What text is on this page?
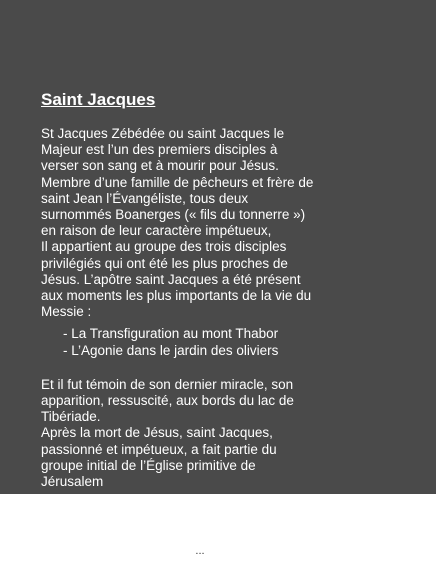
Saint Jacques

St Jacques Zébédée ou saint Jacques le
Majeur est l’un des premiers disciples à
verser son sang et à mourir pour Jésus.
Membre d’une famille de pêcheurs et frère de
saint Jean l’Évangéliste, tous deux
surnommés Boanerges (« fils du tonnerre »)
en raison de leur caractère impétueux,
Il appartient au groupe des trois disciples
privilégiés qui ont été les plus proches de
Jésus. L’apôtre saint Jacques a été présent
aux moments les plus importants de la vie du
Messie :

- La Transfiguration au mont Thabor
- L’Agonie dans le jardin des oliviers

Et il fut témoin de son dernier miracle, son
apparition, ressuscité, aux bords du lac de
Tibériade.
Après la mort de Jésus, saint Jacques,
passionné et impétueux, a fait partie du
groupe initial de l’Église primitive de
Jérusalem

...
